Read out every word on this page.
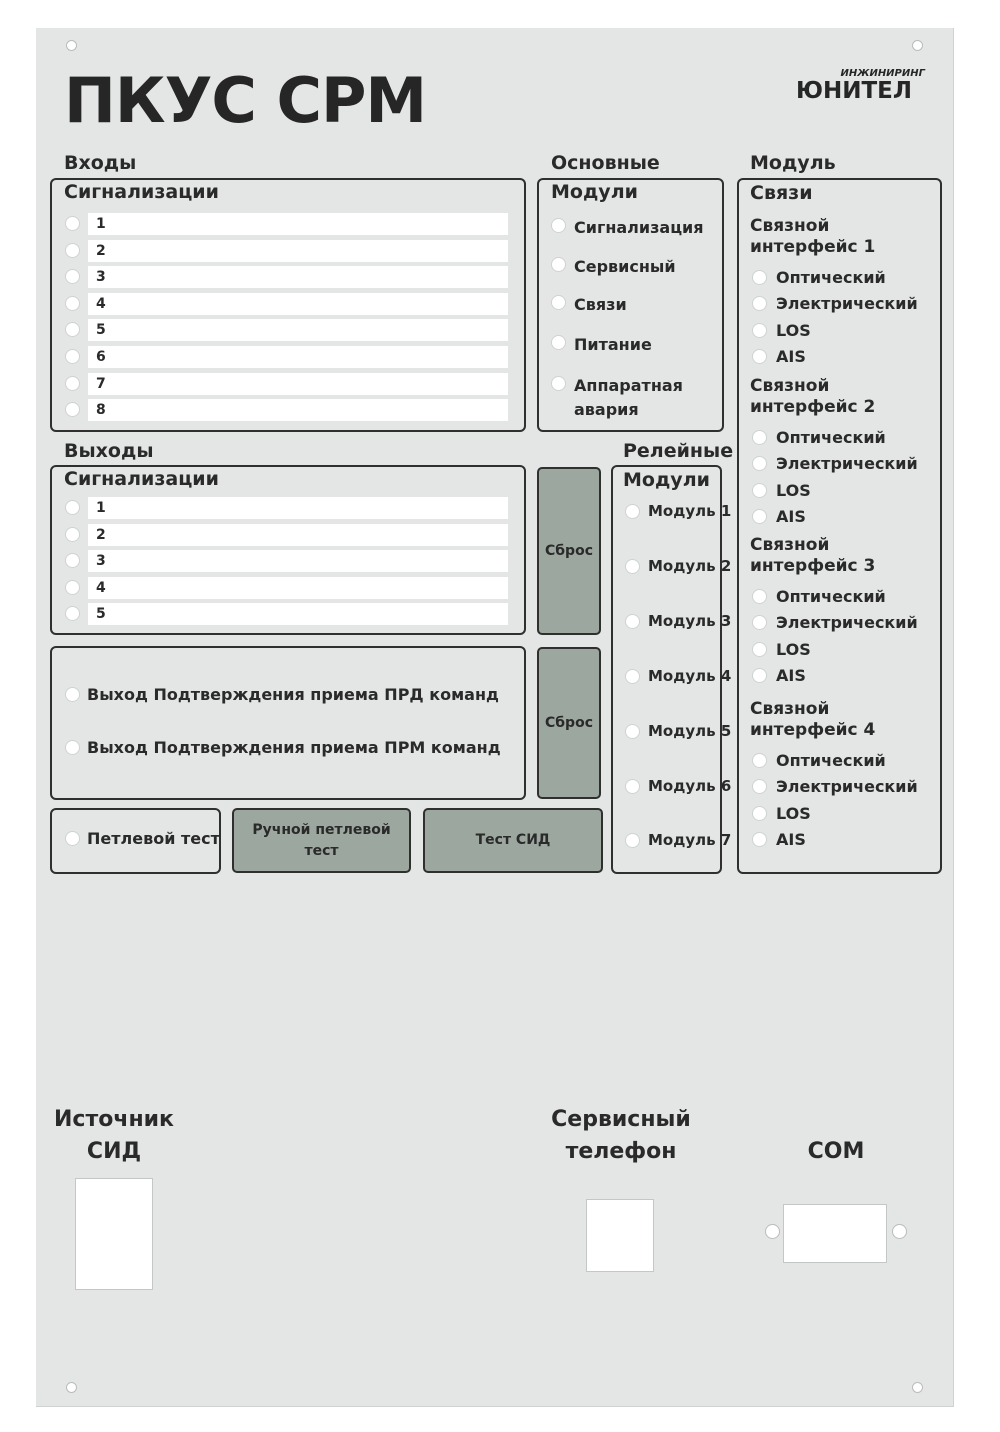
ПКУС СРМ	ИНЖИНИРИНГ
ЮНИТЕЛ
Входы
Сигнализации
1
2
3
4
5
6
7
8
Основные
Модули
Сигнализация
Сервисный
Связи
Питание
Аппаратная
авария
Модуль
Связи
Связной
интерфейс 1
Оптический
Электрический
LOS
AIS
Связной
интерфейс 2
Оптический
Электрический
LOS
AIS
Связной
интерфейс 3
Оптический
Электрический
LOS
AIS
Связной
интерфейс 4
Оптический
Электрический
LOS
AIS
Выходы
Сигнализации
1
2
3
4
5
Сброс
Релейные
Модули
Модуль 1
Модуль 2
Модуль 3
Модуль 4
Модуль 5
Модуль 6
Модуль 7
Выход Подтверждения приема ПРД команд
Выход Подтверждения приема ПРМ команд
Сброс
Петлевой тест	Ручной петлевой
тест
Тест СИД
Источник
СИД
Сервисный
телефон	COM
